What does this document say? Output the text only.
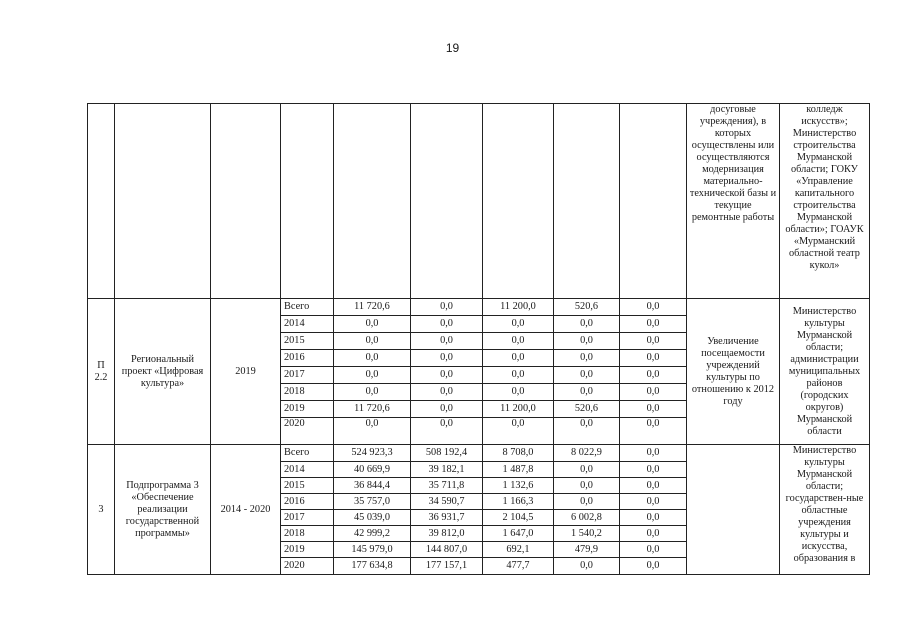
19
									досуговые учреждения), в которых осуществлены или осуществляются модернизация материально-технической базы и текущие ремонтные работы	колледж искусств»; Министерство строительства Мурманской области; ГОКУ «Управление капитального строительства Мурманской области»; ГОАУК «Мурманский областной театр кукол»
П 2.2	Региональный проект «Цифровая культура»	2019	Всего	11 720,6	0,0	11 200,0	520,6	0,0	Увеличение посещаемости учреждений культуры по отношению к 2012 году	Министерство культуры Мурманской области; администрации муниципальных районов (городских округов) Мурманской области
			2014	0,0	0,0	0,0	0,0	0,0		
			2015	0,0	0,0	0,0	0,0	0,0		
			2016	0,0	0,0	0,0	0,0	0,0		
			2017	0,0	0,0	0,0	0,0	0,0		
			2018	0,0	0,0	0,0	0,0	0,0		
			2019	11 720,6	0,0	11 200,0	520,6	0,0		
			2020	0,0	0,0	0,0	0,0	0,0		
3	Подпрограмма 3 «Обеспечение реализации государственной программы»	2014 - 2020	Всего	524 923,3	508 192,4	8 708,0	8 022,9	0,0		Министерство культуры Мурманской области; государствен-ные областные учреждения культуры и искусства, образования в
			2014	40 669,9	39 182,1	1 487,8	0,0	0,0		
			2015	36 844,4	35 711,8	1 132,6	0,0	0,0		
			2016	35 757,0	34 590,7	1 166,3	0,0	0,0		
			2017	45 039,0	36 931,7	2 104,5	6 002,8	0,0		
			2018	42 999,2	39 812,0	1 647,0	1 540,2	0,0		
			2019	145 979,0	144 807,0	692,1	479,9	0,0		
			2020	177 634,8	177 157,1	477,7	0,0	0,0		
